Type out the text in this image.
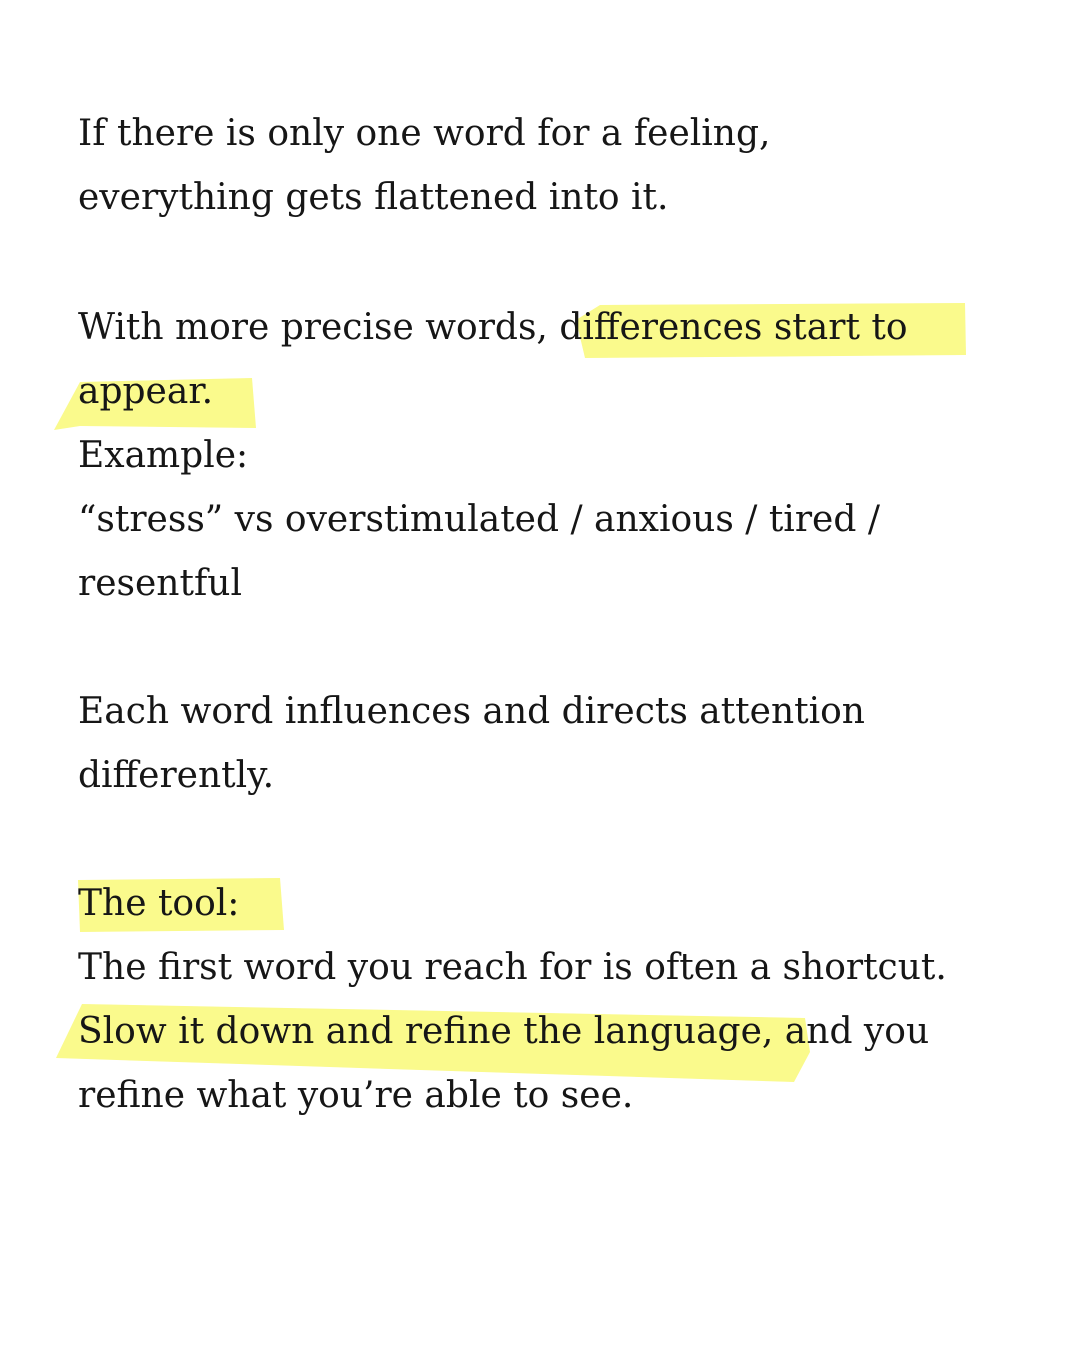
If there is only one word for a feeling,
everything gets flattened into it.
With more precise words, differences start to
appear.
Example:
“stress” vs overstimulated / anxious / tired /
resentful
Each word influences and directs attention
differently.
The tool:
The first word you reach for is often a shortcut.
Slow it down and refine the language, and you
refine what you’re able to see.
